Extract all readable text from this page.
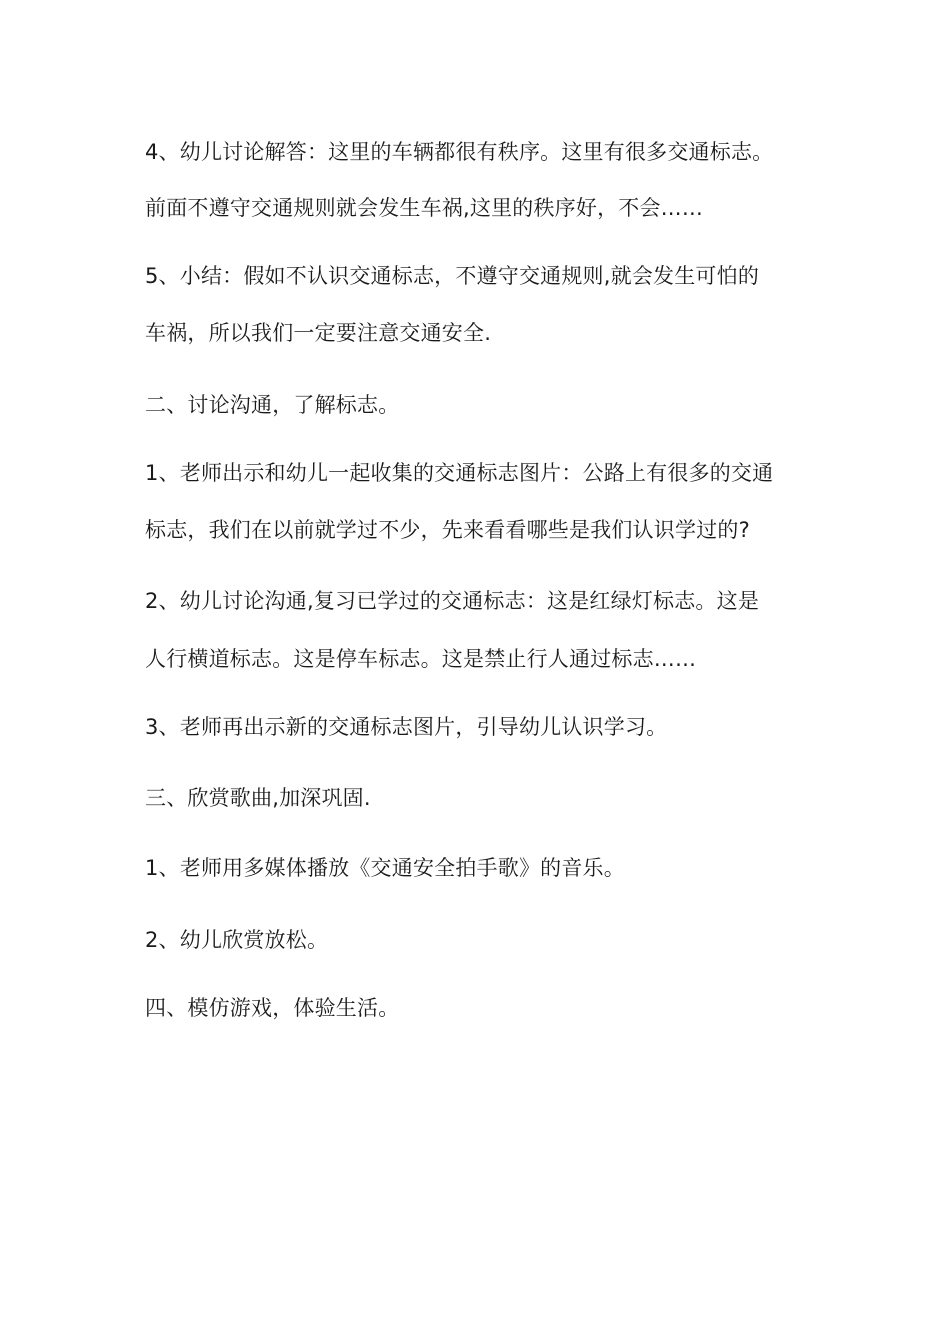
4、幼儿讨论解答：这里的车辆都很有秩序。这里有很多交通标志。
前面不遵守交通规则就会发生车祸,这里的秩序好，不会……
5、小结：假如不认识交通标志，不遵守交通规则,就会发生可怕的
车祸，所以我们一定要注意交通安全.
二、讨论沟通，了解标志。
1、老师出示和幼儿一起收集的交通标志图片：公路上有很多的交通
标志，我们在以前就学过不少，先来看看哪些是我们认识学过的?
2、幼儿讨论沟通,复习已学过的交通标志：这是红绿灯标志。这是
人行横道标志。这是停车标志。这是禁止行人通过标志……
3、老师再出示新的交通标志图片，引导幼儿认识学习。
三、欣赏歌曲,加深巩固.
1、老师用多媒体播放《交通安全拍手歌》的音乐。
2、幼儿欣赏放松。
四、模仿游戏，体验生活。
